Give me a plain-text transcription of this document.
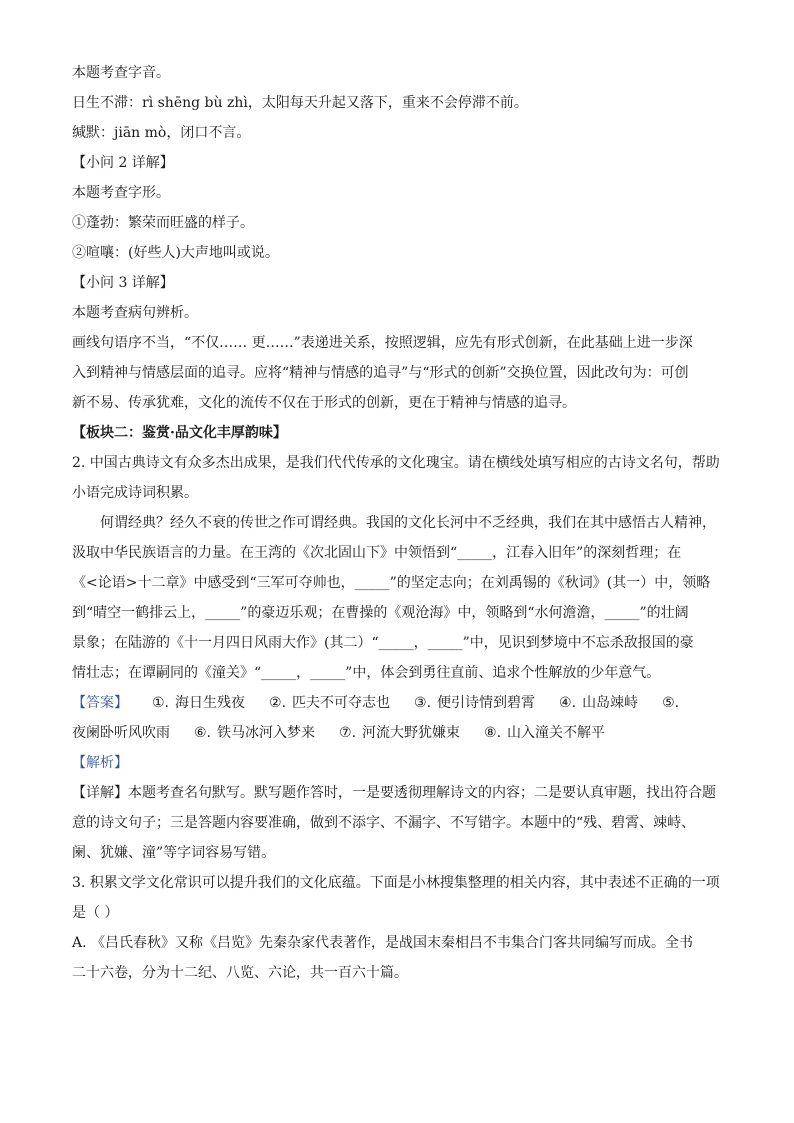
本题考查字音。
日生不滞：rì shēng bù zhì，太阳每天升起又落下，重来不会停滞不前。
缄默：jiān mò，闭口不言。
【小问 2 详解】
本题考查字形。
①蓬勃：繁荣而旺盛的样子。
②喧嚷：(好些人)大声地叫或说。
【小问 3 详解】
本题考查病句辨析。
画线句语序不当，“不仅…… 更……”表递进关系，按照逻辑，应先有形式创新，在此基础上进一步深
入到精神与情感层面的追寻。应将“精神与情感的追寻”与“形式的创新”交换位置，因此改句为：可创
新不易、传承犹难，文化的流传不仅在于形式的创新，更在于精神与情感的追寻。
【板块二：鉴赏·品文化丰厚韵味】
2. 中国古典诗文有众多杰出成果，是我们代代传承的文化瑰宝。请在横线处填写相应的古诗文名句，帮助
小语完成诗词积累。
何谓经典？经久不衰的传世之作可谓经典。我国的文化长河中不乏经典，我们在其中感悟古人精神，
汲取中华民族语言的力量。在王湾的《次北固山下》中领悟到“_____，江春入旧年”的深刻哲理；在
《<论语>十二章》中感受到“三军可夺帅也，_____”的坚定志向；在刘禹锡的《秋词》(其一）中，领略
到“晴空一鹤排云上，_____”的豪迈乐观；在曹操的《观沧海》中，领略到“水何澹澹，_____”的壮阔
景象；在陆游的《十一月四日风雨大作》(其二）“_____，_____”中，见识到梦境中不忘杀敌报国的豪
情壮志；在谭嗣同的《潼关》“_____，_____”中，体会到勇往直前、追求个性解放的少年意气。
【答案】 ①. 海日生残夜 ②. 匹夫不可夺志也 ③. 便引诗情到碧霄 ④. 山岛竦峙 ⑤.
夜阑卧听风吹雨 ⑥. 铁马冰河入梦来 ⑦. 河流大野犹嫌束 ⑧. 山入潼关不解平
【解析】
【详解】本题考查名句默写。默写题作答时，一是要透彻理解诗文的内容；二是要认真审题，找出符合题
意的诗文句子；三是答题内容要准确，做到不添字、不漏字、不写错字。本题中的“残、碧霄、竦峙、
阑、犹嫌、潼”等字词容易写错。
3. 积累文学文化常识可以提升我们的文化底蕴。下面是小林搜集整理的相关内容，其中表述不正确的一项
是（ ）
A. 《吕氏春秋》又称《吕览》先秦杂家代表著作，是战国末秦相吕不韦集合门客共同编写而成。全书
二十六卷，分为十二纪、八览、六论，共一百六十篇。
